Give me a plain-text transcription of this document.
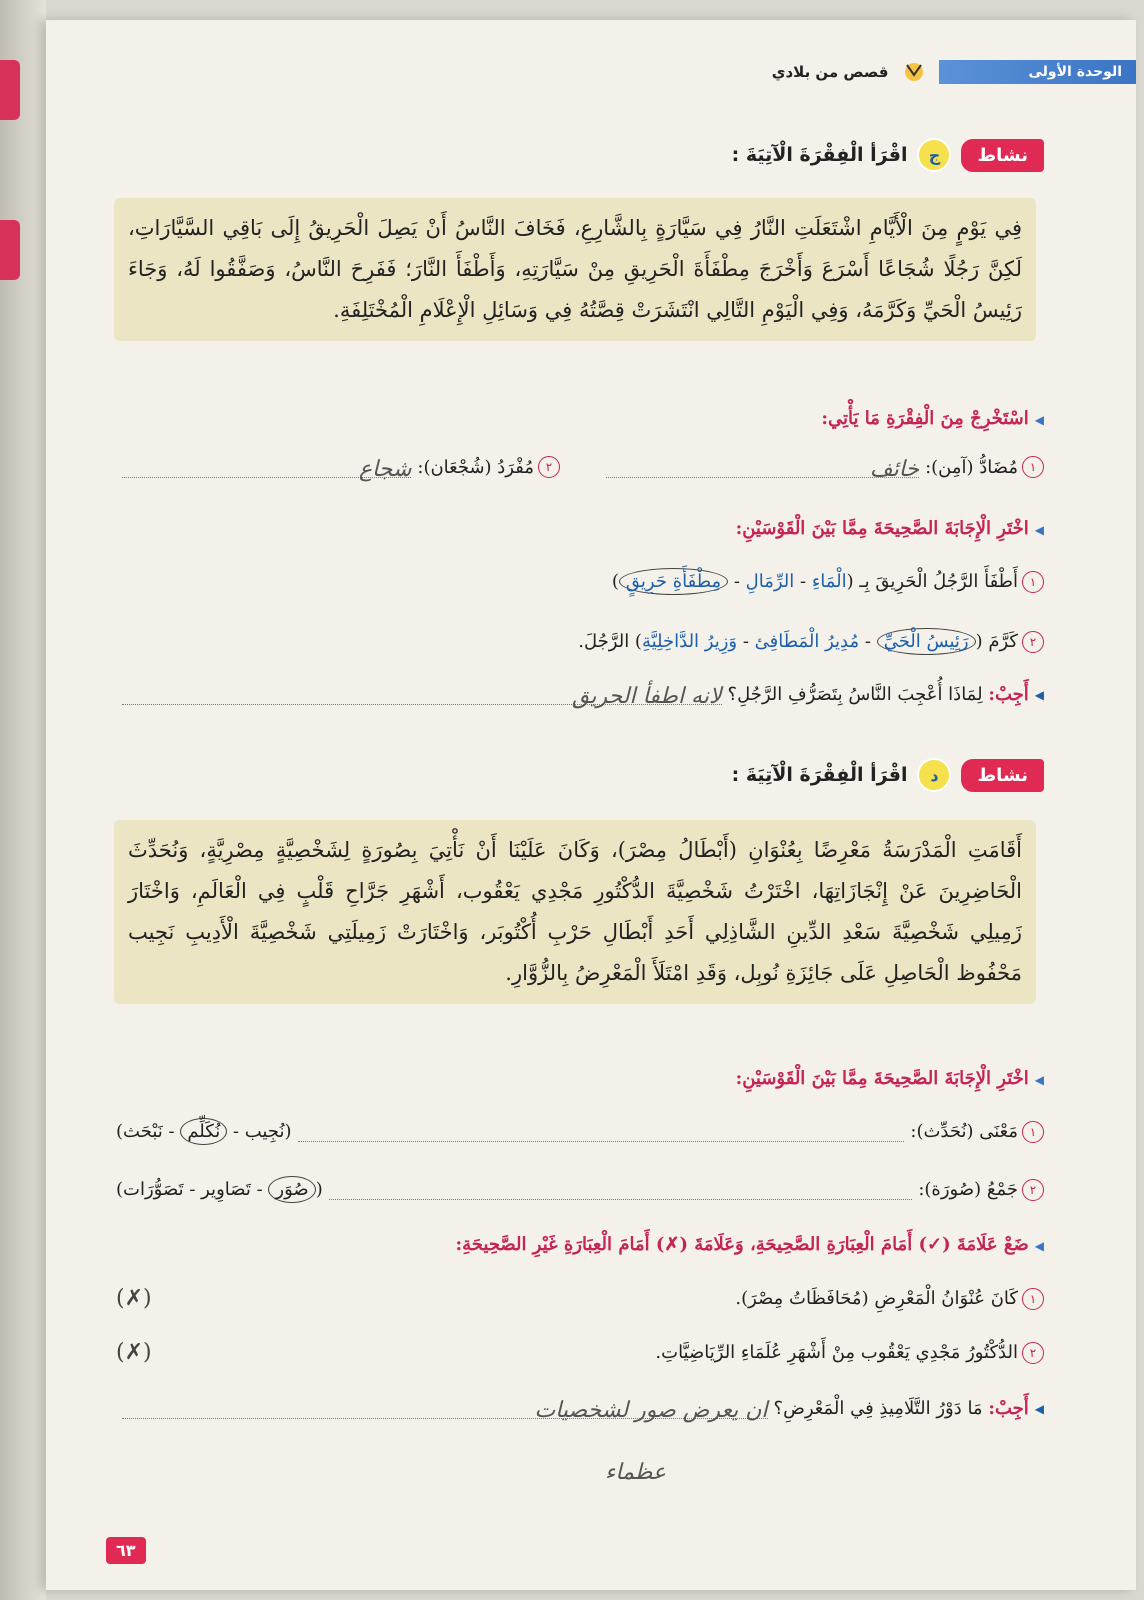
الوحدة الأولى
قصص من بلادي
نشاط
ج
اقْرَأ الْفِقْرَةَ الْآتِيَةَ :
فِي يَوْمٍ مِنَ الْأَيَّامِ اشْتَعَلَتِ النَّارُ فِي سَيَّارَةٍ بِالشَّارِعِ، فَخَافَ النَّاسُ أَنْ يَصِلَ الْحَرِيقُ إِلَى بَاقِي السَّيَّارَاتِ، لَكِنَّ رَجُلًا شُجَاعًا أَسْرَعَ وَأَخْرَجَ مِطْفَأَةَ الْحَرِيقِ مِنْ سَيَّارَتِهِ، وَأَطْفَأَ النَّارَ؛ فَفَرِحَ النَّاسُ، وَصَفَّقُوا لَهُ، وَجَاءَ رَئِيسُ الْحَيِّ وَكَرَّمَهُ، وَفِي الْيَوْمِ التَّالِي انْتَشَرَتْ قِصَّتُهُ فِي وَسَائِلِ الْإِعْلَامِ الْمُخْتَلِفَةِ.
◀اسْتَخْرِجْ مِنَ الْفِقْرَةِ مَا يَأْتِي:
١
مُضَادُّ (آمِن):
خائف
٢
مُفْرَدُ (شُجْعَان):
شجاع
◀اخْتَرِ الْإِجَابَةَ الصَّحِيحَةَ مِمَّا بَيْنَ الْقَوْسَيْنِ:
١
أَطْفَأَ الرَّجُلُ الْحَرِيقَ بِـ (
الْمَاءِ
-
الرِّمَالِ
-
مِطْفَأَةِ حَرِيقٍ
)
٢
كَرَّمَ (
رَئِيسُ الْحَيِّ
-
مُدِيرُ الْمَطَافِئ
-
وَزِيرُ الدَّاخِلِيَّةِ
) الرَّجُلَ.
◀
أَجِبْ:

لِمَاذَا أُعْجِبَ النَّاسُ بِتَصَرُّفِ الرَّجُلِ؟
لانه اطفأ الحريق
نشاط
د
اقْرَأ الْفِقْرَةَ الْآتِيَةَ :
أَقَامَتِ الْمَدْرَسَةُ مَعْرِضًا بِعُنْوَانِ (أَبْطَالُ مِصْرَ)، وَكَانَ عَلَيْنَا أَنْ نَأْتِيَ بِصُورَةٍ لِشَخْصِيَّةٍ مِصْرِيَّةٍ، وَنُحَدِّثَ الْحَاضِرِينَ عَنْ إِنْجَازَاتِهَا، اخْتَرْتُ شَخْصِيَّةَ الدُّكْتُورِ مَجْدِي يَعْقُوب، أَشْهَرِ جَرَّاحِ قَلْبٍ فِي الْعَالَمِ، وَاخْتَارَ زَمِيلِي شَخْصِيَّةَ سَعْدِ الدِّينِ الشَّاذِلِي أَحَدِ أَبْطَالِ حَرْبِ أُكْتُوبَر، وَاخْتَارَتْ زَمِيلَتِي شَخْصِيَّةَ الْأَدِيبِ نَجِيب مَحْفُوظ الْحَاصِلِ عَلَى جَائِزَةِ نُوبِل، وَقَدِ امْتَلَأَ الْمَعْرِضُ بِالزُّوَّارِ.
◀اخْتَرِ الْإِجَابَةَ الصَّحِيحَةَ مِمَّا بَيْنَ الْقَوْسَيْنِ:
١
مَعْنَى (نُحَدِّث):
(
نُجِيب
-
نُكَلِّم
-
نَبْحَث
)
٢
جَمْعُ (صُورَة):
(
صُوَر
-
تَصَاوِير
-
تَصَوُّرَات
)
◀ضَعْ عَلَامَةَ (✓) أَمَامَ الْعِبَارَةِ الصَّحِيحَةِ، وَعَلَامَةَ (✗) أَمَامَ الْعِبَارَةِ غَيْرِ الصَّحِيحَةِ:
١
كَانَ عُنْوَانُ الْمَعْرِضِ (مُحَافَظَاتُ مِصْرَ).
(✗)
٢
الدُّكْتُورُ مَجْدِي يَعْقُوب مِنْ أَشْهَرِ عُلَمَاءِ الرِّيَاضِيَّاتِ.
(✗)
◀
أَجِبْ:

مَا دَوْرُ التَّلَامِيذِ فِي الْمَعْرِضِ؟
ان يعرض صور لشخصيات
عظماء
٦٣
